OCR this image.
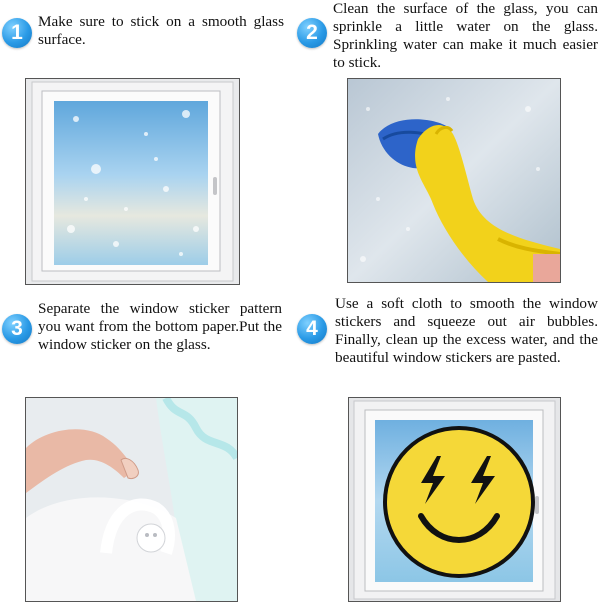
1 Make sure to stick on a smooth glass surface.	2

Clean the surface of the glass, you can sprinkle a little water on the glass. Sprinkling water can make it much easier to stick.

3

Separate the window sticker pattern you want from the bottom paper.Put the window sticker on the glass.

4

Use a soft cloth to smooth the window stickers and squeeze out air bubbles. Finally, clean up the excess water, and the beautiful window stickers are pasted.
